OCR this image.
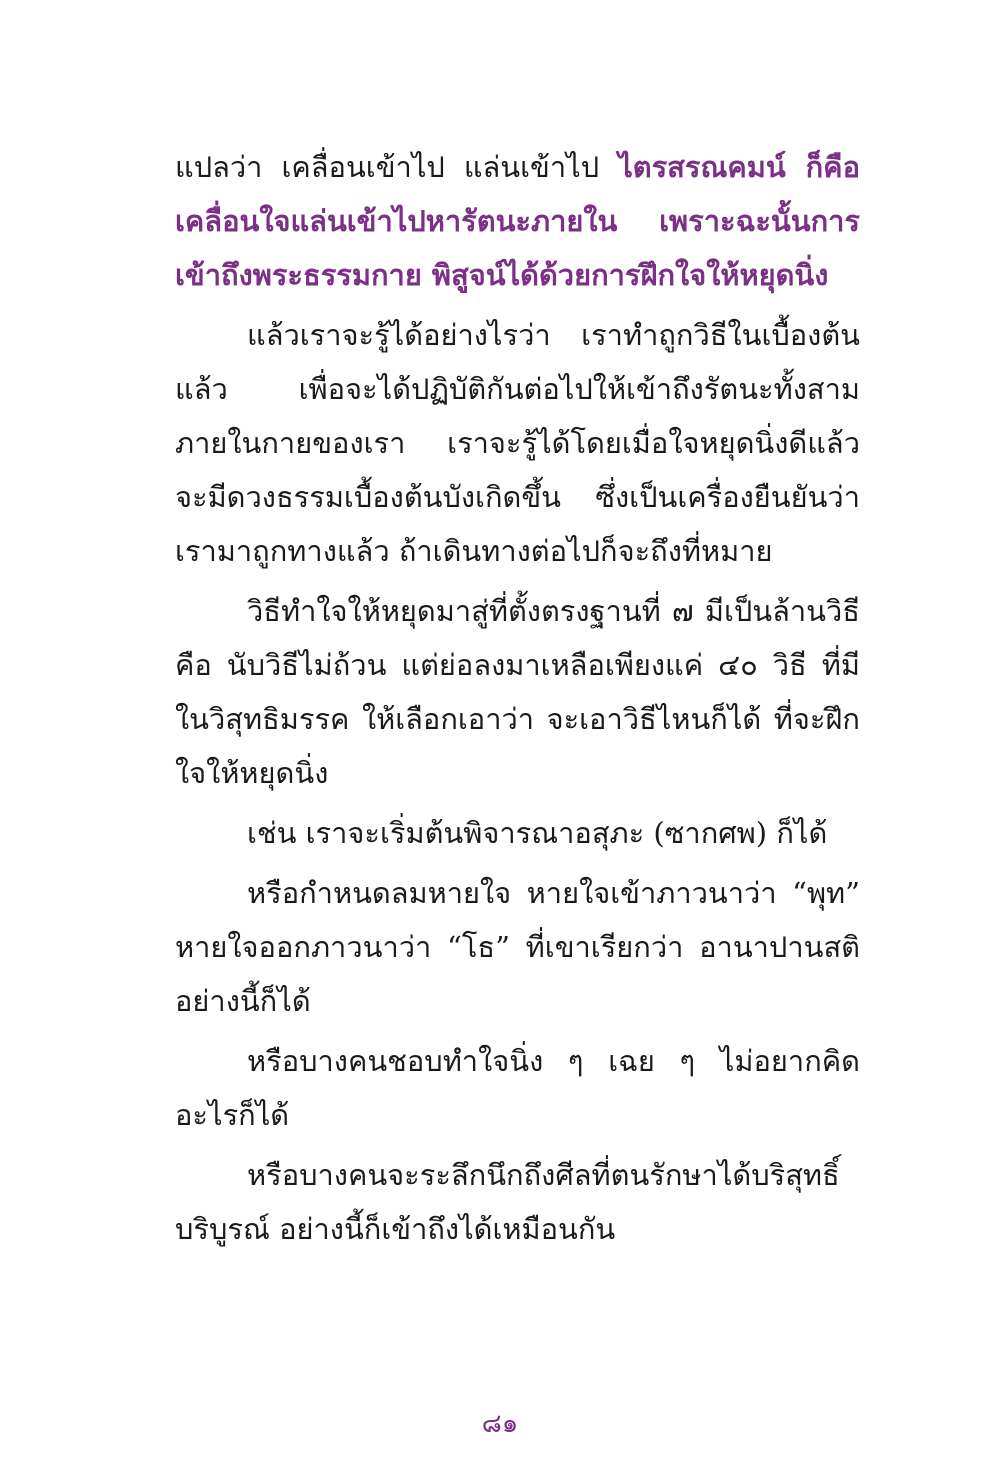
แปลว่า เคลื่อนเข้าไป แล่นเข้าไป ไตรสรณคมน์ ก็คือ เคลื่อนใจแล่นเข้าไปหารัตนะภายใน เพราะฉะนั้นการเข้าถึงพระธรรมกาย พิสูจน์ได้ด้วยการฝึกใจให้หยุดนิ่ง

แล้วเราจะรู้ได้อย่างไรว่า เราทำถูกวิธีในเบื้องต้นแล้ว เพื่อจะได้ปฏิบัติกันต่อไปให้เข้าถึงรัตนะทั้งสาม ภายในกายของเรา เราจะรู้ได้โดยเมื่อใจหยุดนิ่งดีแล้ว จะมีดวงธรรมเบื้องต้นบังเกิดขึ้น ซึ่งเป็นเครื่องยืนยันว่า เรามาถูกทางแล้ว ถ้าเดินทางต่อไปก็จะถึงที่หมาย

วิธีทำใจให้หยุดมาสู่ที่ตั้งตรงฐานที่ ๗ มีเป็นล้านวิธี คือ นับวิธีไม่ถ้วน แต่ย่อลงมาเหลือเพียงแค่ ๔๐ วิธี ที่มีในวิสุทธิมรรค ให้เลือกเอาว่า จะเอาวิธีไหนก็ได้ ที่จะฝึกใจให้หยุดนิ่ง

เช่น เราจะเริ่มต้นพิจารณาอสุภะ (ซากศพ) ก็ได้

หรือกำหนดลมหายใจ หายใจเข้าภาวนาว่า “พุท” หายใจออกภาวนาว่า “โธ” ที่เขาเรียกว่า อานาปานสติอย่างนี้ก็ได้

หรือบางคนชอบทำใจนิ่ง ๆ เฉย ๆ ไม่อยากคิดอะไรก็ได้

หรือบางคนจะระลึกนึกถึงศีลที่ตนรักษาได้บริสุทธิ์บริบูรณ์ อย่างนี้ก็เข้าถึงได้เหมือนกัน

๘๑
